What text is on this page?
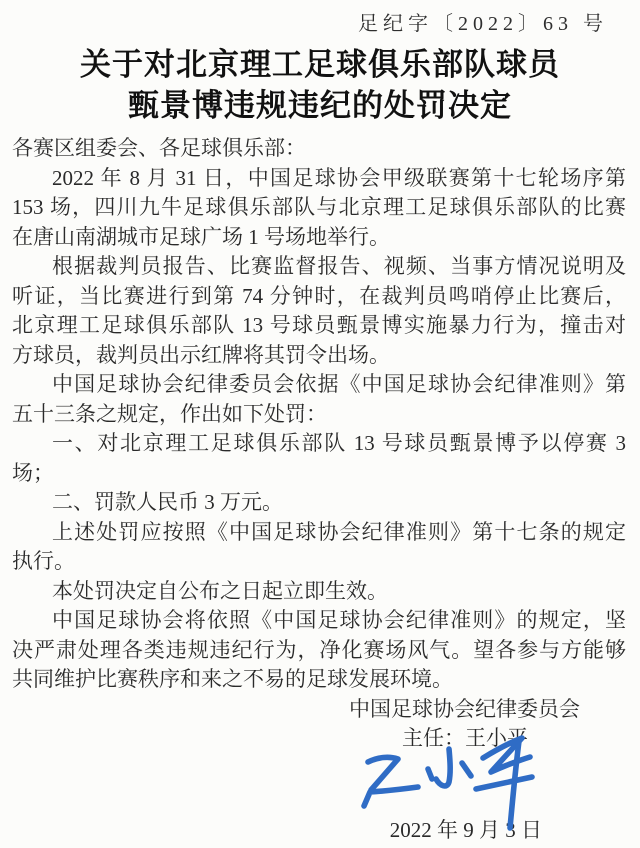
足纪字〔2022〕63 号
关于对北京理工足球俱乐部队球员
甄景博违规违纪的处罚决定
各赛区组委会、各足球俱乐部：
2022 年 8 月 31 日，中国足球协会甲级联赛第十七轮场序第
153 场，四川九牛足球俱乐部队与北京理工足球俱乐部队的比赛
在唐山南湖城市足球广场 1 号场地举行。
根据裁判员报告、比赛监督报告、视频、当事方情况说明及
听证，当比赛进行到第 74 分钟时，在裁判员鸣哨停止比赛后，
北京理工足球俱乐部队 13 号球员甄景博实施暴力行为，撞击对
方球员，裁判员出示红牌将其罚令出场。
中国足球协会纪律委员会依据《中国足球协会纪律准则》第
五十三条之规定，作出如下处罚：
一、对北京理工足球俱乐部队 13 号球员甄景博予以停赛 3
场；
二、罚款人民币 3 万元。
上述处罚应按照《中国足球协会纪律准则》第十七条的规定
执行。
本处罚决定自公布之日起立即生效。
中国足球协会将依照《中国足球协会纪律准则》的规定，坚
决严肃处理各类违规违纪行为，净化赛场风气。望各参与方能够
共同维护比赛秩序和来之不易的足球发展环境。
中国足球协会纪律委员会
主任：王小平
2022 年 9 月 3 日
